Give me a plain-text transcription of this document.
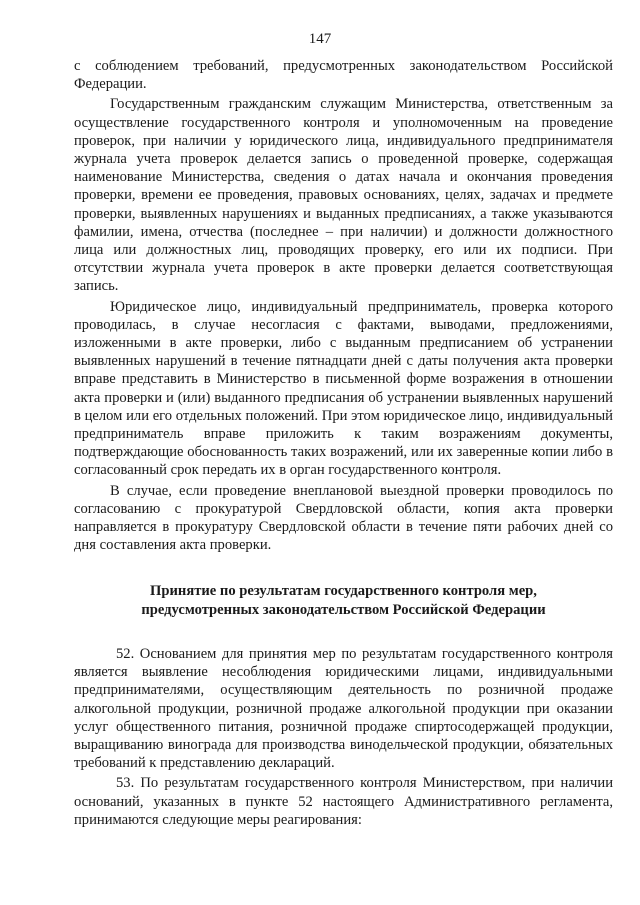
147

с соблюдением требований, предусмотренных законодательством Российской Федерации.

Государственным гражданским служащим Министерства, ответственным за осуществление государственного контроля и уполномоченным на проведение проверок, при наличии у юридического лица, индивидуального предпринимателя журнала учета проверок делается запись о проведенной проверке, содержащая наименование Министерства, сведения о датах начала и окончания проведения проверки, времени ее проведения, правовых основаниях, целях, задачах и предмете проверки, выявленных нарушениях и выданных предписаниях, а также указываются фамилии, имена, отчества (последнее – при наличии) и должности должностного лица или должностных лиц, проводящих проверку, его или их подписи. При отсутствии журнала учета проверок в акте проверки делается соответствующая запись.

Юридическое лицо, индивидуальный предприниматель, проверка которого проводилась, в случае несогласия с фактами, выводами, предложениями, изложенными в акте проверки, либо с выданным предписанием об устранении выявленных нарушений в течение пятнадцати дней с даты получения акта проверки вправе представить в Министерство в письменной форме возражения в отношении акта проверки и (или) выданного предписания об устранении выявленных нарушений в целом или его отдельных положений. При этом юридическое лицо, индивидуальный предприниматель вправе приложить к таким возражениям документы, подтверждающие обоснованность таких возражений, или их заверенные копии либо в согласованный срок передать их в орган государственного контроля.

В случае, если проведение внеплановой выездной проверки проводилось по согласованию с прокуратурой Свердловской области, копия акта проверки направляется в прокуратуру Свердловской области в течение пяти рабочих дней со дня составления акта проверки.

Принятие по результатам государственного контроля мер,
предусмотренных законодательством Российской Федерации

52. Основанием для принятия мер по результатам государственного контроля является выявление несоблюдения юридическими лицами, индивидуальными предпринимателями, осуществляющим деятельность по розничной продаже алкогольной продукции, розничной продаже алкогольной продукции при оказании услуг общественного питания, розничной продаже спиртосодержащей продукции, выращиванию винограда для производства винодельческой продукции, обязательных требований к представлению деклараций.

53. По результатам государственного контроля Министерством, при наличии оснований, указанных в пункте 52 настоящего Административного регламента, принимаются следующие меры реагирования:
